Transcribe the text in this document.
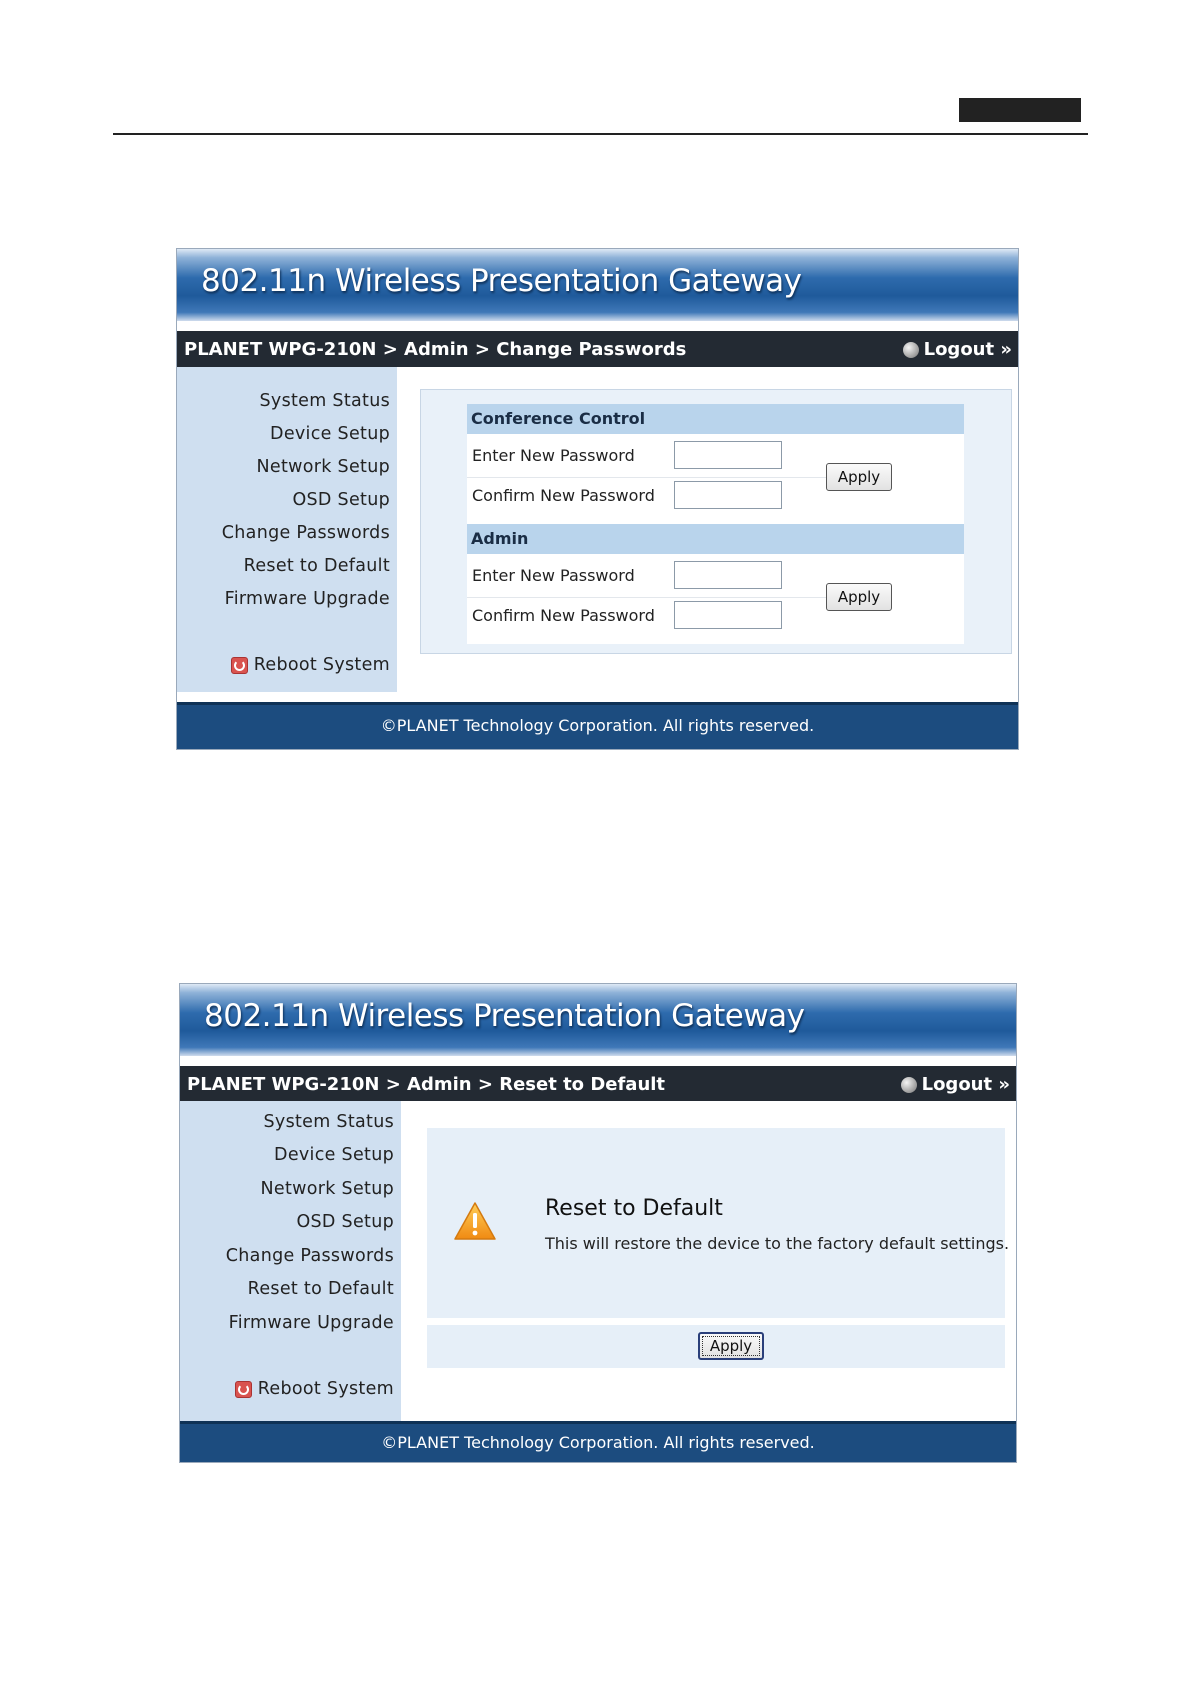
802.11n Wireless Presentation Gateway
PLANET WPG-210N > Admin > Change Passwords	Logout »
System Status
Device Setup
Network Setup
OSD Setup
Change Passwords
Reset to Default
Firmware Upgrade
Reboot System
Conference Control
Enter New Password
Confirm New Password
Apply
Admin
Enter New Password
Confirm New Password
Apply
©PLANET Technology Corporation. All rights reserved.
802.11n Wireless Presentation Gateway
PLANET WPG-210N > Admin > Reset to Default	Logout »
System Status
Device Setup
Network Setup
OSD Setup
Change Passwords
Reset to Default
Firmware Upgrade
Reboot System
Reset to Default
This will restore the device to the factory default settings.
Apply
©PLANET Technology Corporation. All rights reserved.
